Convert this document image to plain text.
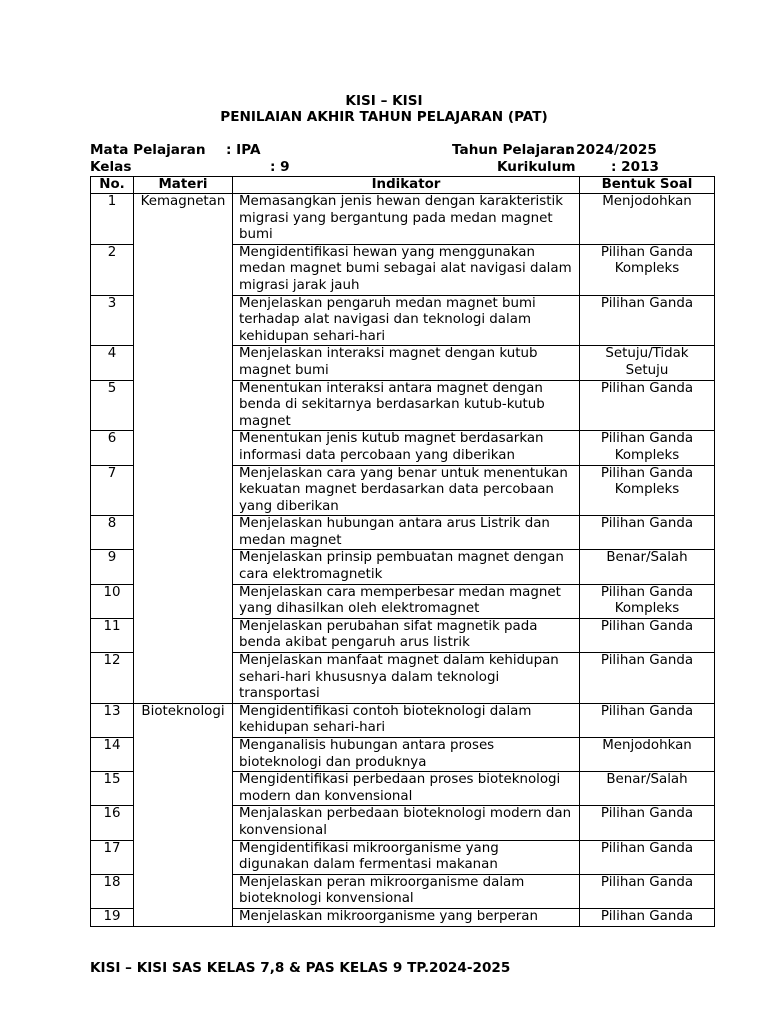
KISI – KISI
PENILAIAN AKHIR TAHUN PELAJARAN (PAT)
Mata Pelajaran : IPA
Kelas	: 9
Tahun Pelajaran
: 2024/2025
Kurikulum	: 2013
No.	Materi	Indikator	Bentuk Soal
1	Kemagnetan	Memasangkan jenis hewan dengan karakteristik migrasi yang bergantung pada medan magnet bumi	Menjodohkan
2		Mengidentifikasi hewan yang menggunakan medan magnet bumi sebagai alat navigasi dalam migrasi jarak jauh	Pilihan Ganda Kompleks
3		Menjelaskan pengaruh medan magnet bumi terhadap alat navigasi dan teknologi dalam kehidupan sehari-hari	Pilihan Ganda
4		Menjelaskan interaksi magnet dengan kutub magnet bumi	Setuju/Tidak Setuju
5		Menentukan interaksi antara magnet dengan benda di sekitarnya berdasarkan kutub-kutub magnet	Pilihan Ganda
6		Menentukan jenis kutub magnet berdasarkan informasi data percobaan yang diberikan	Pilihan Ganda Kompleks
7		Menjelaskan cara yang benar untuk menentukan kekuatan magnet berdasarkan data percobaan yang diberikan	Pilihan Ganda Kompleks
8		Menjelaskan hubungan antara arus Listrik dan medan magnet	Pilihan Ganda
9		Menjelaskan prinsip pembuatan magnet dengan cara elektromagnetik	Benar/Salah
10		Menjelaskan cara memperbesar medan magnet yang dihasilkan oleh elektromagnet	Pilihan Ganda Kompleks
11		Menjelaskan perubahan sifat magnetik pada benda akibat pengaruh arus listrik	Pilihan Ganda
12		Menjelaskan manfaat magnet dalam kehidupan sehari-hari khususnya dalam teknologi transportasi	Pilihan Ganda
13	Bioteknologi	Mengidentifikasi contoh bioteknologi dalam kehidupan sehari-hari	Pilihan Ganda
14		Menganalisis hubungan antara proses bioteknologi dan produknya	Menjodohkan
15		Mengidentifikasi perbedaan proses bioteknologi modern dan konvensional	Benar/Salah
16		Menjalaskan perbedaan bioteknologi modern dan konvensional	Pilihan Ganda
17		Mengidentifikasi mikroorganisme yang digunakan dalam fermentasi makanan	Pilihan Ganda
18		Menjelaskan peran mikroorganisme dalam bioteknologi konvensional	Pilihan Ganda
19		Menjelaskan mikroorganisme yang berperan	Pilihan Ganda
KISI – KISI SAS KELAS 7,8 & PAS KELAS 9 TP.2024-2025
